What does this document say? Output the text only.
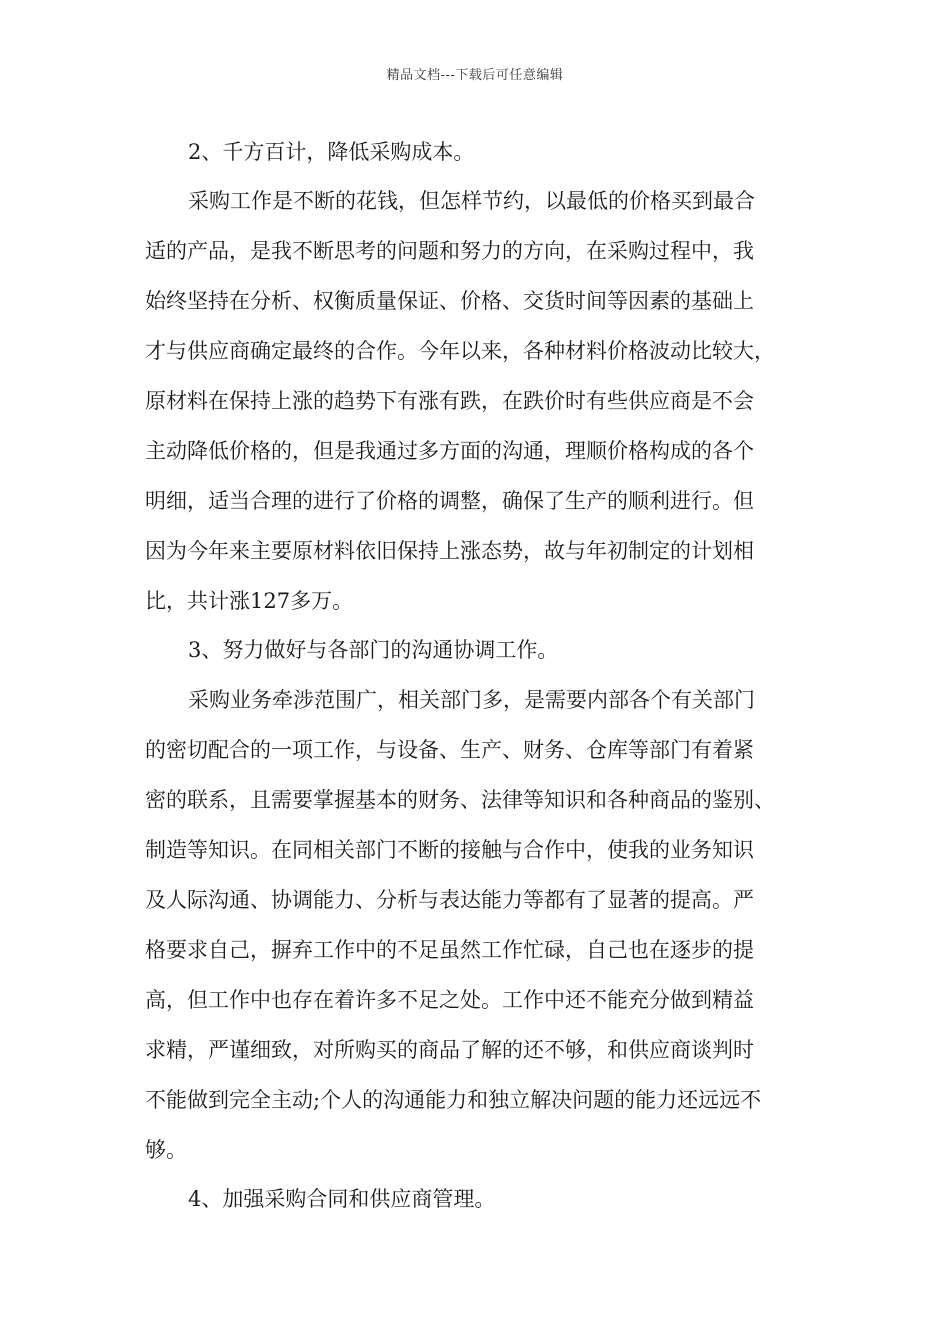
精品文档---下载后可任意编辑
2、千方百计，降低采购成本。
采购工作是不断的花钱，但怎样节约，以最低的价格买到最合
适的产品，是我不断思考的问题和努力的方向，在采购过程中，我
始终坚持在分析、权衡质量保证、价格、交货时间等因素的基础上
才与供应商确定最终的合作。今年以来，各种材料价格波动比较大，
原材料在保持上涨的趋势下有涨有跌，在跌价时有些供应商是不会
主动降低价格的，但是我通过多方面的沟通，理顺价格构成的各个
明细，适当合理的进行了价格的调整，确保了生产的顺利进行。但
因为今年来主要原材料依旧保持上涨态势，故与年初制定的计划相
比，共计涨127多万。
3、努力做好与各部门的沟通协调工作。
采购业务牵涉范围广，相关部门多，是需要内部各个有关部门
的密切配合的一项工作，与设备、生产、财务、仓库等部门有着紧
密的联系，且需要掌握基本的财务、法律等知识和各种商品的鉴别、
制造等知识。在同相关部门不断的接触与合作中，使我的业务知识
及人际沟通、协调能力、分析与表达能力等都有了显著的提高。严
格要求自己，摒弃工作中的不足虽然工作忙碌，自己也在逐步的提
高，但工作中也存在着许多不足之处。工作中还不能充分做到精益
求精，严谨细致，对所购买的商品了解的还不够，和供应商谈判时
不能做到完全主动;个人的沟通能力和独立解决问题的能力还远远不
够。
4、加强采购合同和供应商管理。
